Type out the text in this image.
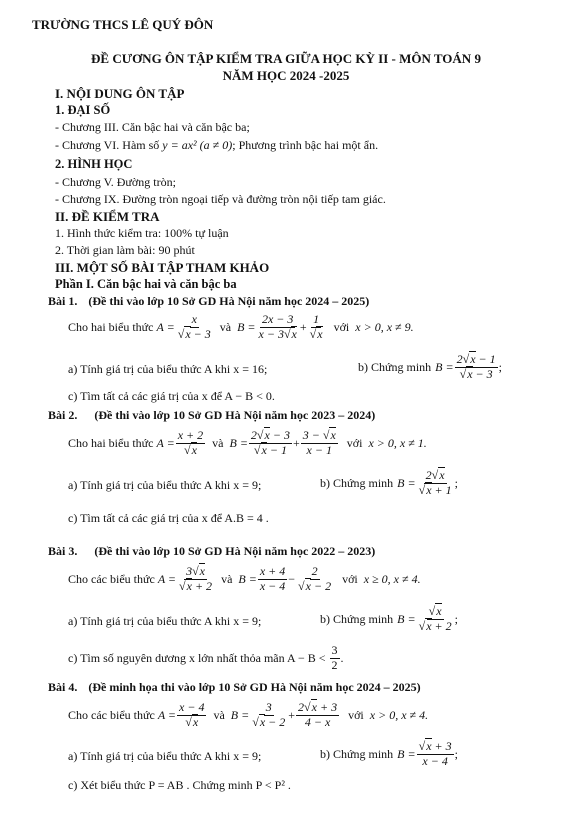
TRƯỜNG THCS LÊ QUÝ ĐÔN
ĐỀ CƯƠNG ÔN TẬP KIỂM TRA GIỮA HỌC KỲ II - MÔN TOÁN 9
NĂM HỌC 2024 -2025
I. NỘI DUNG ÔN TẬP
1. ĐẠI SỐ
- Chương III. Căn bậc hai và căn bậc ba;
- Chương VI. Hàm số y = ax² (a ≠ 0); Phương trình bậc hai một ẩn.
2. HÌNH HỌC
- Chương V. Đường tròn;
- Chương IX. Đường tròn ngoại tiếp và đường tròn nội tiếp tam giác.
II. ĐỀ KIỂM TRA
1. Hình thức kiểm tra: 100% tự luận
2. Thời gian làm bài: 90 phút
III. MỘT SỐ BÀI TẬP THAM KHẢO
Phần I. Căn bậc hai và căn bậc ba
Bài 1. (Đề thi vào lớp 10 Sở GD Hà Nội năm học 2024 – 2025)
Cho hai biểu thức $A = \frac{x}{√x - 3}$ và $B = \frac{2x - 3}{x - 3√x} + \frac{1}{√x}$ với x > 0, x ≠ 9.
a) Tính giá trị của biểu thức A khi x = 16;	b) Chứng minh $B = \frac{2√x - 1}{√x - 3}$ ;
c) Tìm tất cả các giá trị của x để A − B < 0.
Bài 2. (Đề thi vào lớp 10 Sở GD Hà Nội năm học 2023 – 2024)
Cho hai biểu thức $A = \frac{x + 2}{√x}$ và $B = \frac{2√x - 3}{√x - 1} + \frac{3 - √x}{x - 1}$ với x > 0, x ≠ 1.
a) Tính giá trị của biểu thức A khi x = 9;	b) Chứng minh $B = \frac{2√x}{√x + 1}$ ;
c) Tìm tất cả các giá trị của x để A.B = 4 .
Bài 3. (Đề thi vào lớp 10 Sở GD Hà Nội năm học 2022 – 2023)
Cho các biểu thức $A = \frac{3√x}{√x + 2}$ và $B = \frac{x + 4}{x - 4} - \frac{2}{√x - 2}$ với x ≥ 0, x ≠ 4.
a) Tính giá trị của biểu thức A khi x = 9;	b) Chứng minh $B = \frac{√x}{√x + 2}$ ;
c) Tìm số nguyên dương x lớn nhất thỏa mãn $A - B < \frac{3}{2}$ .
Bài 4. (Đề minh họa thi vào lớp 10 Sở GD Hà Nội năm học 2024 – 2025)
Cho các biểu thức $A = \frac{x - 4}{√x}$ và $B = \frac{3}{√x - 2} + \frac{2√x + 3}{4 - x}$ với x > 0, x ≠ 4.
a) Tính giá trị của biểu thức A khi x = 9;	b) Chứng minh $B = \frac{√x + 3}{x - 4}$ ;
c) Xét biểu thức P = AB . Chứng minh P < P² .
